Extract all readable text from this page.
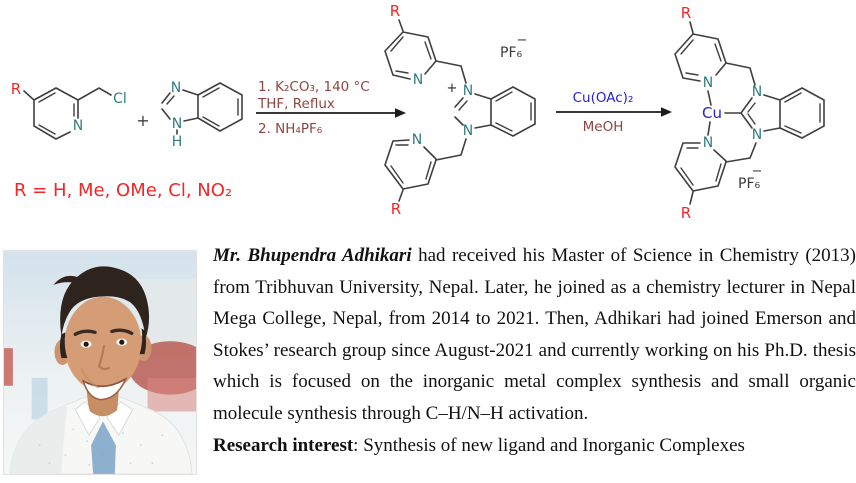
R
N
Cl
+
N
N
H
1. K₂CO₃, 140 °C
THF, Reflux
2. NH₄PF₆
R
N
+ N
N
N
R
PF₆
−
Cu(OAc)₂
MeOH
R
N
Cu
N
N
N
R
PF₆
−
R = H, Me, OMe, Cl, NO₂

Mr. Bhupendra Adhikari had received his Master of Science in Chemistry (2013) from Tribhuvan University, Nepal. Later, he joined as a chemistry lecturer in Nepal Mega College, Nepal, from 2014 to 2021. Then, Adhikari had joined Emerson and Stokes’ research group since August-2021 and currently working on his Ph.D. thesis which is focused on the inorganic metal complex synthesis and small organic molecule synthesis through C–H/N–H activation.

Research interest: Synthesis of new ligand and Inorganic Complexes
